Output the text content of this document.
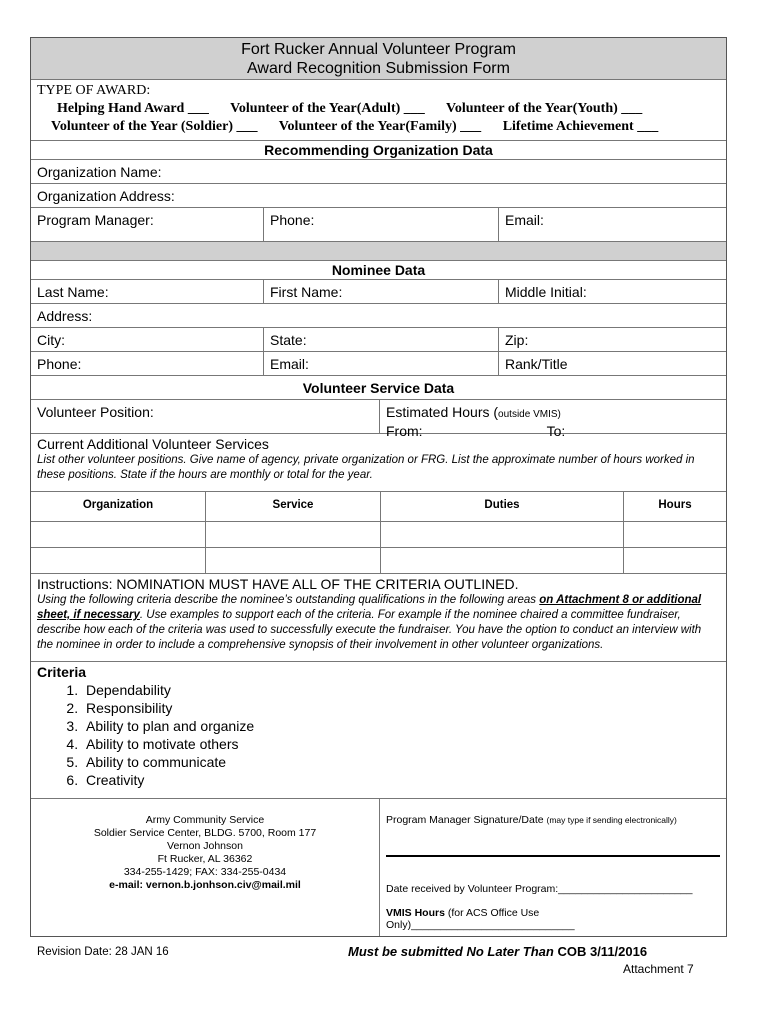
Fort Rucker Annual Volunteer Program
Award Recognition Submission Form
TYPE OF AWARD:
Helping Hand Award ___ Volunteer of the Year(Adult) ___ Volunteer of the Year(Youth) ___
Volunteer of the Year (Soldier) ___ Volunteer of the Year(Family) ___ Lifetime Achievement ___
Recommending Organization Data
Organization Name:
Organization Address:
Program Manager:	Phone:	Email:
Nominee Data
Last Name:	First Name:	Middle Initial:
Address:
City:	State:	Zip:
Phone:	Email:	Rank/Title
Volunteer Service Data
Volunteer Position:	Estimated Hours (outside VMIS)
From:	To:
Current Additional Volunteer Services
List other volunteer positions. Give name of agency, private organization or FRG. List the approximate number of hours worked in these positions. State if the hours are monthly or total for the year.
Organization	Service	Duties	Hours
Instructions: NOMINATION MUST HAVE ALL OF THE CRITERIA OUTLINED.
Using the following criteria describe the nominee’s outstanding qualifications in the following areas on Attachment 8 or additional sheet, if necessary. Use examples to support each of the criteria. For example if the nominee chaired a committee fundraiser, describe how each of the criteria was used to successfully execute the fundraiser. You have the option to conduct an interview with the nominee in order to include a comprehensive synopsis of their involvement in other volunteer organizations.
Criteria
1. Dependability
2. Responsibility
3. Ability to plan and organize
4. Ability to motivate others
5. Ability to communicate
6. Creativity
Army Community Service
Soldier Service Center, BLDG. 5700, Room 177
Vernon Johnson
Ft Rucker, AL 36362
334-255-1429; FAX: 334-255-0434
e-mail: vernon.b.jonhson.civ@mail.mil
Program Manager Signature/Date (may type if sending electronically)
Date received by Volunteer Program:_______________________
VMIS Hours (for ACS Office Use Only)____________________________
Revision Date: 28 JAN 16	Must be submitted No Later Than COB 3/11/2016
Attachment 7
